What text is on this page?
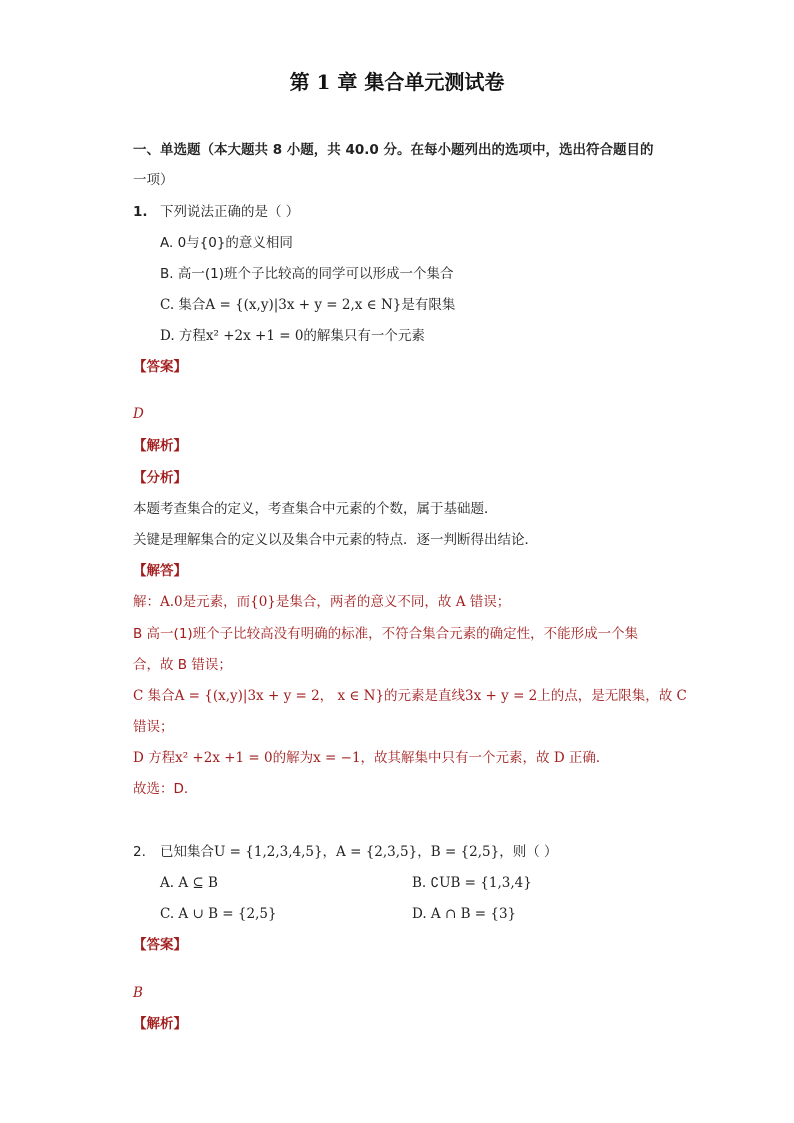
第 1 章 集合单元测试卷
一、单选题（本大题共 8 小题，共 40.0 分。在每小题列出的选项中，选出符合题目的
一项）
1. 下列说法正确的是（ ）
A. 0与{0}的意义相同
B. 高一(1)班个子比较高的同学可以形成一个集合
C. 集合A = {(x,y)|3x + y = 2,x ∈ N}是有限集
D. 方程x² +2x +1 = 0的解集只有一个元素
【答案】
D
【解析】
【分析】
本题考查集合的定义，考查集合中元素的个数，属于基础题．
关键是理解集合的定义以及集合中元素的特点．逐一判断得出结论．
【解答】
解：A.0是元素，而{0}是集合，两者的意义不同，故 A 错误；
B 高一(1)班个子比较高没有明确的标准，不符合集合元素的确定性，不能形成一个集
合，故 B 错误；
C 集合A = {(x,y)|3x + y = 2， x ∈ N}的元素是直线3x + y = 2上的点，是无限集，故 C
错误；
D 方程x² +2x +1 = 0的解为x = −1，故其解集中只有一个元素，故 D 正确．
故选：D．
2. 已知集合U = {1,2,3,4,5}，A = {2,3,5}，B = {2,5}，则（ ）
A. A ⊆ B	B. ∁UB = {1,3,4}
C. A ∪ B = {2,5}	D. A ∩ B = {3}
【答案】
B
【解析】
